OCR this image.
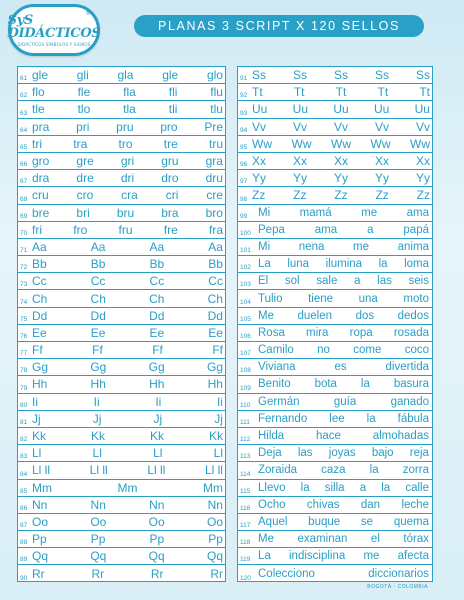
®
SyS DIDÁCTICOS
DIDÁCTICOS SÍMBOLOS Y SIGNOS
PLANAS 3 SCRIPT X 120 SELLOS
61 gle gli gla gle glo
62 flo	fle	fla	fli	flu
63 tle	tlo	tla	tli	tlu
64 pra pri pru pro Pre
65 tri	tra	tro	tre	tru
66 gro gre gri gru gra
67 dra dre dri dro dru
68 cru cro cra cri cre
69 bre bri bru bra bro
70 fri	fro	fru	fre	fra
71 Aa	Aa	Aa	Aa
72 Bb	Bb	Bb	Bb
73 Cc	Cc	Cc	Cc
74 Ch	Ch	Ch	Ch
75 Dd	Dd	Dd	Dd
76 Ee	Ee	Ee	Ee
77 Ff	Ff	Ff	Ff
78 Gg	Gg	Gg	Gg
79 Hh	Hh	Hh	Hh
80 Ii	Ii	Ii	Ii
81 Jj	Jj	Jj	Jj
82 Kk	Kk	Kk	Kk
83 Ll	Ll	Ll	Ll
84 Ll ll	Ll ll	Ll ll	Ll ll
85 Mm	Mm	Mm
86 Nn	Nn	Nn	Nn
87 Oo	Oo	Oo	Oo
88 Pp	Pp	Pp	Pp
89 Qq	Qq	Qq	Qq
90 Rr	Rr	Rr	Rr
91 Ss Ss Ss Ss Ss
92 Tt	Tt	Tt	Tt	Tt
93 Uu Uu Uu Uu Uu
94 Vv Vv Vv Vv Vv
95 Ww Ww Ww Ww Ww
96 Xx Xx Xx Xx Xx
97 Yy Yy Yy Yy Yy
98 Zz Zz Zz Zz Zz
99 Mi	mamá	me	ama
100 Pepa	ama	a	papá
101 Mi nena me anima
102 La luna ilumina la loma
103 El sol sale a las seis
104 Tulio tiene una moto
105 Me duelen dos dedos
106 Rosa mira ropa rosada
107 Camilo no come coco
108 Viviana	es	divertida
109 Benito bota la basura
110 Germán	guía	ganado
111 Fernando lee la fábula
112 Hilda	hace	almohadas
113 Deja las joyas bajo reja
114 Zoraida caza la zorra
115 Llevo la silla a la calle
116 Ocho chivas dan leche
117 Aquel buque se quema
118 Me examinan el tórax
119 La indisciplina me afecta
120 Colecciono	diccionarios
BOGOTÁ - COLOMBIA
